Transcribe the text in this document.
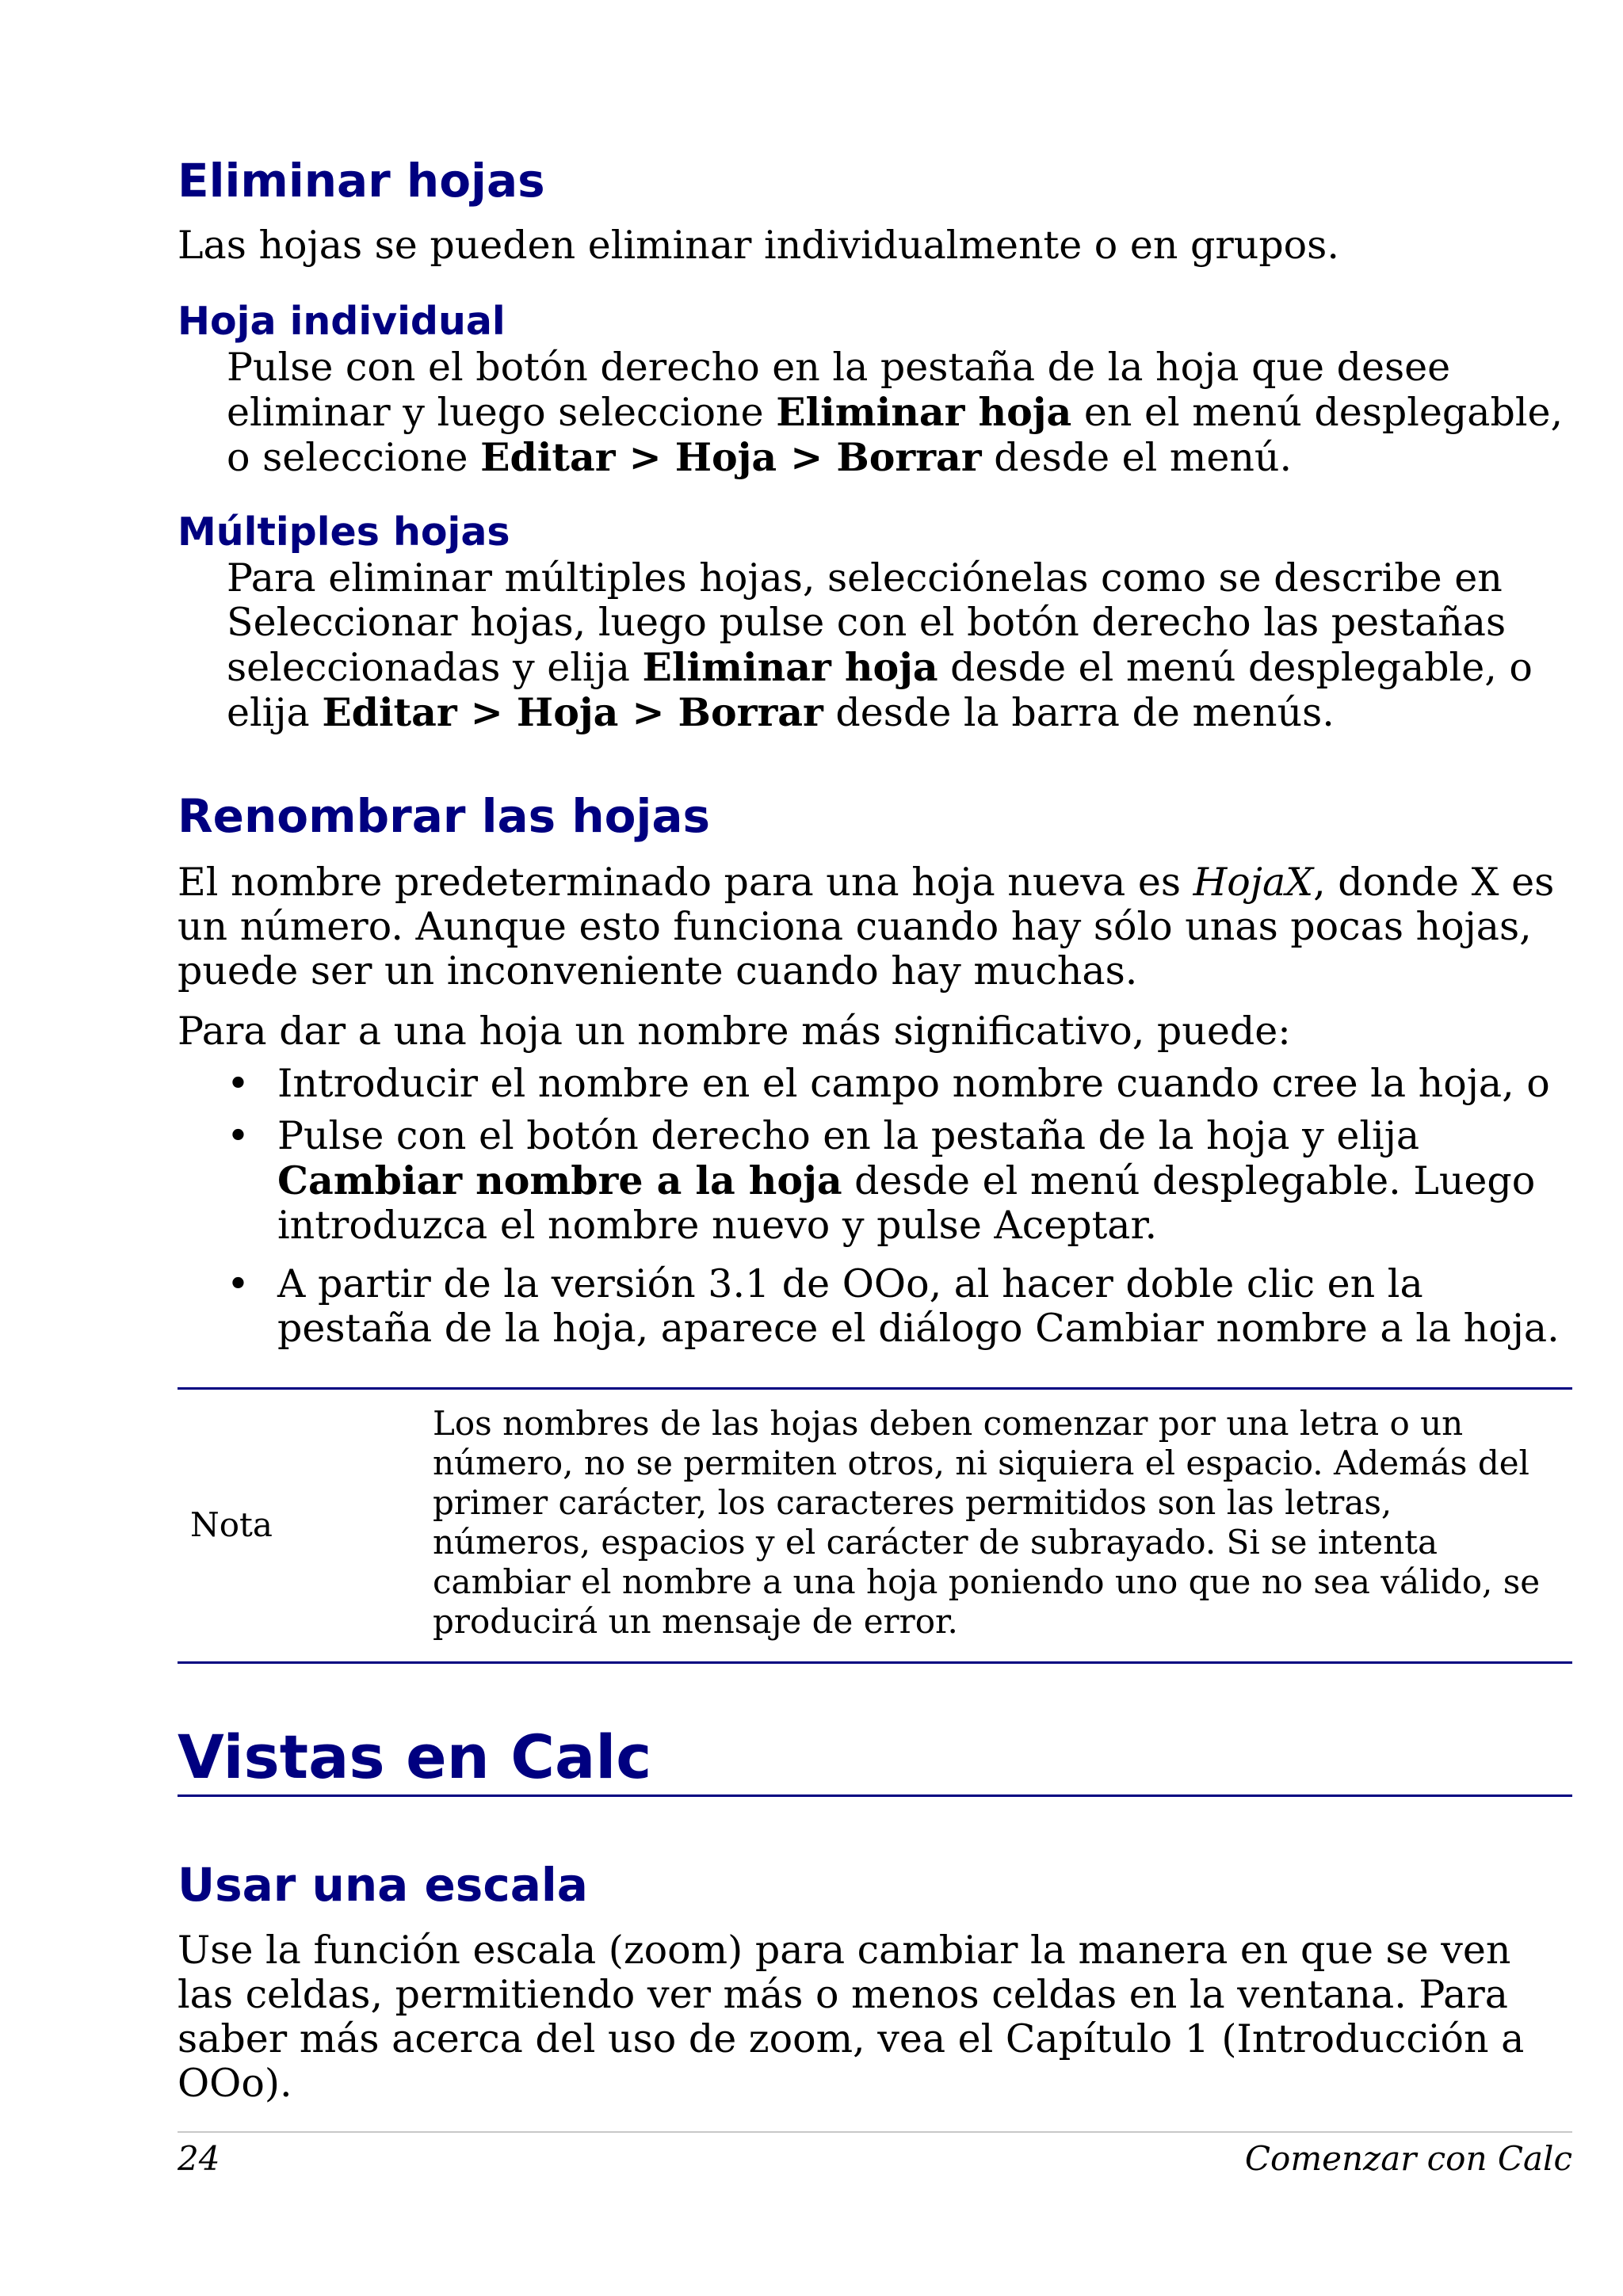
Eliminar hojas

Las hojas se pueden eliminar individualmente o en grupos.

Hoja individual

Pulse con el botón derecho en la pestaña de la hoja que desee eliminar y luego seleccione Eliminar hoja en el menú desplegable, o seleccione Editar > Hoja > Borrar desde el menú.

Múltiples hojas

Para eliminar múltiples hojas, selecciónelas como se describe en Seleccionar hojas, luego pulse con el botón derecho las pestañas seleccionadas y elija Eliminar hoja desde el menú desplegable, o elija Editar > Hoja > Borrar desde la barra de menús.

Renombrar las hojas

El nombre predeterminado para una hoja nueva es HojaX, donde X es un número. Aunque esto funciona cuando hay sólo unas pocas hojas, puede ser un inconveniente cuando hay muchas.

Para dar a una hoja un nombre más significativo, puede:

• Introducir el nombre en el campo nombre cuando cree la hoja, o
• Pulse con el botón derecho en la pestaña de la hoja y elija Cambiar nombre a la hoja desde el menú desplegable. Luego introduzca el nombre nuevo y pulse Aceptar.
• A partir de la versión 3.1 de OOo, al hacer doble clic en la pestaña de la hoja, aparece el diálogo Cambiar nombre a la hoja.
Nota
Los nombres de las hojas deben comenzar por una letra o un número, no se permiten otros, ni siquiera el espacio. Además del primer carácter, los caracteres permitidos son las letras, números, espacios y el carácter de subrayado. Si se intenta cambiar el nombre a una hoja poniendo uno que no sea válido, se producirá un mensaje de error.
Vistas en Calc
Usar una escala

Use la función escala (zoom) para cambiar la manera en que se ven las celdas, permitiendo ver más o menos celdas en la ventana. Para saber más acerca del uso de zoom, vea el Capítulo 1 (Introducción a OOo).

24	Comenzar con Calc
